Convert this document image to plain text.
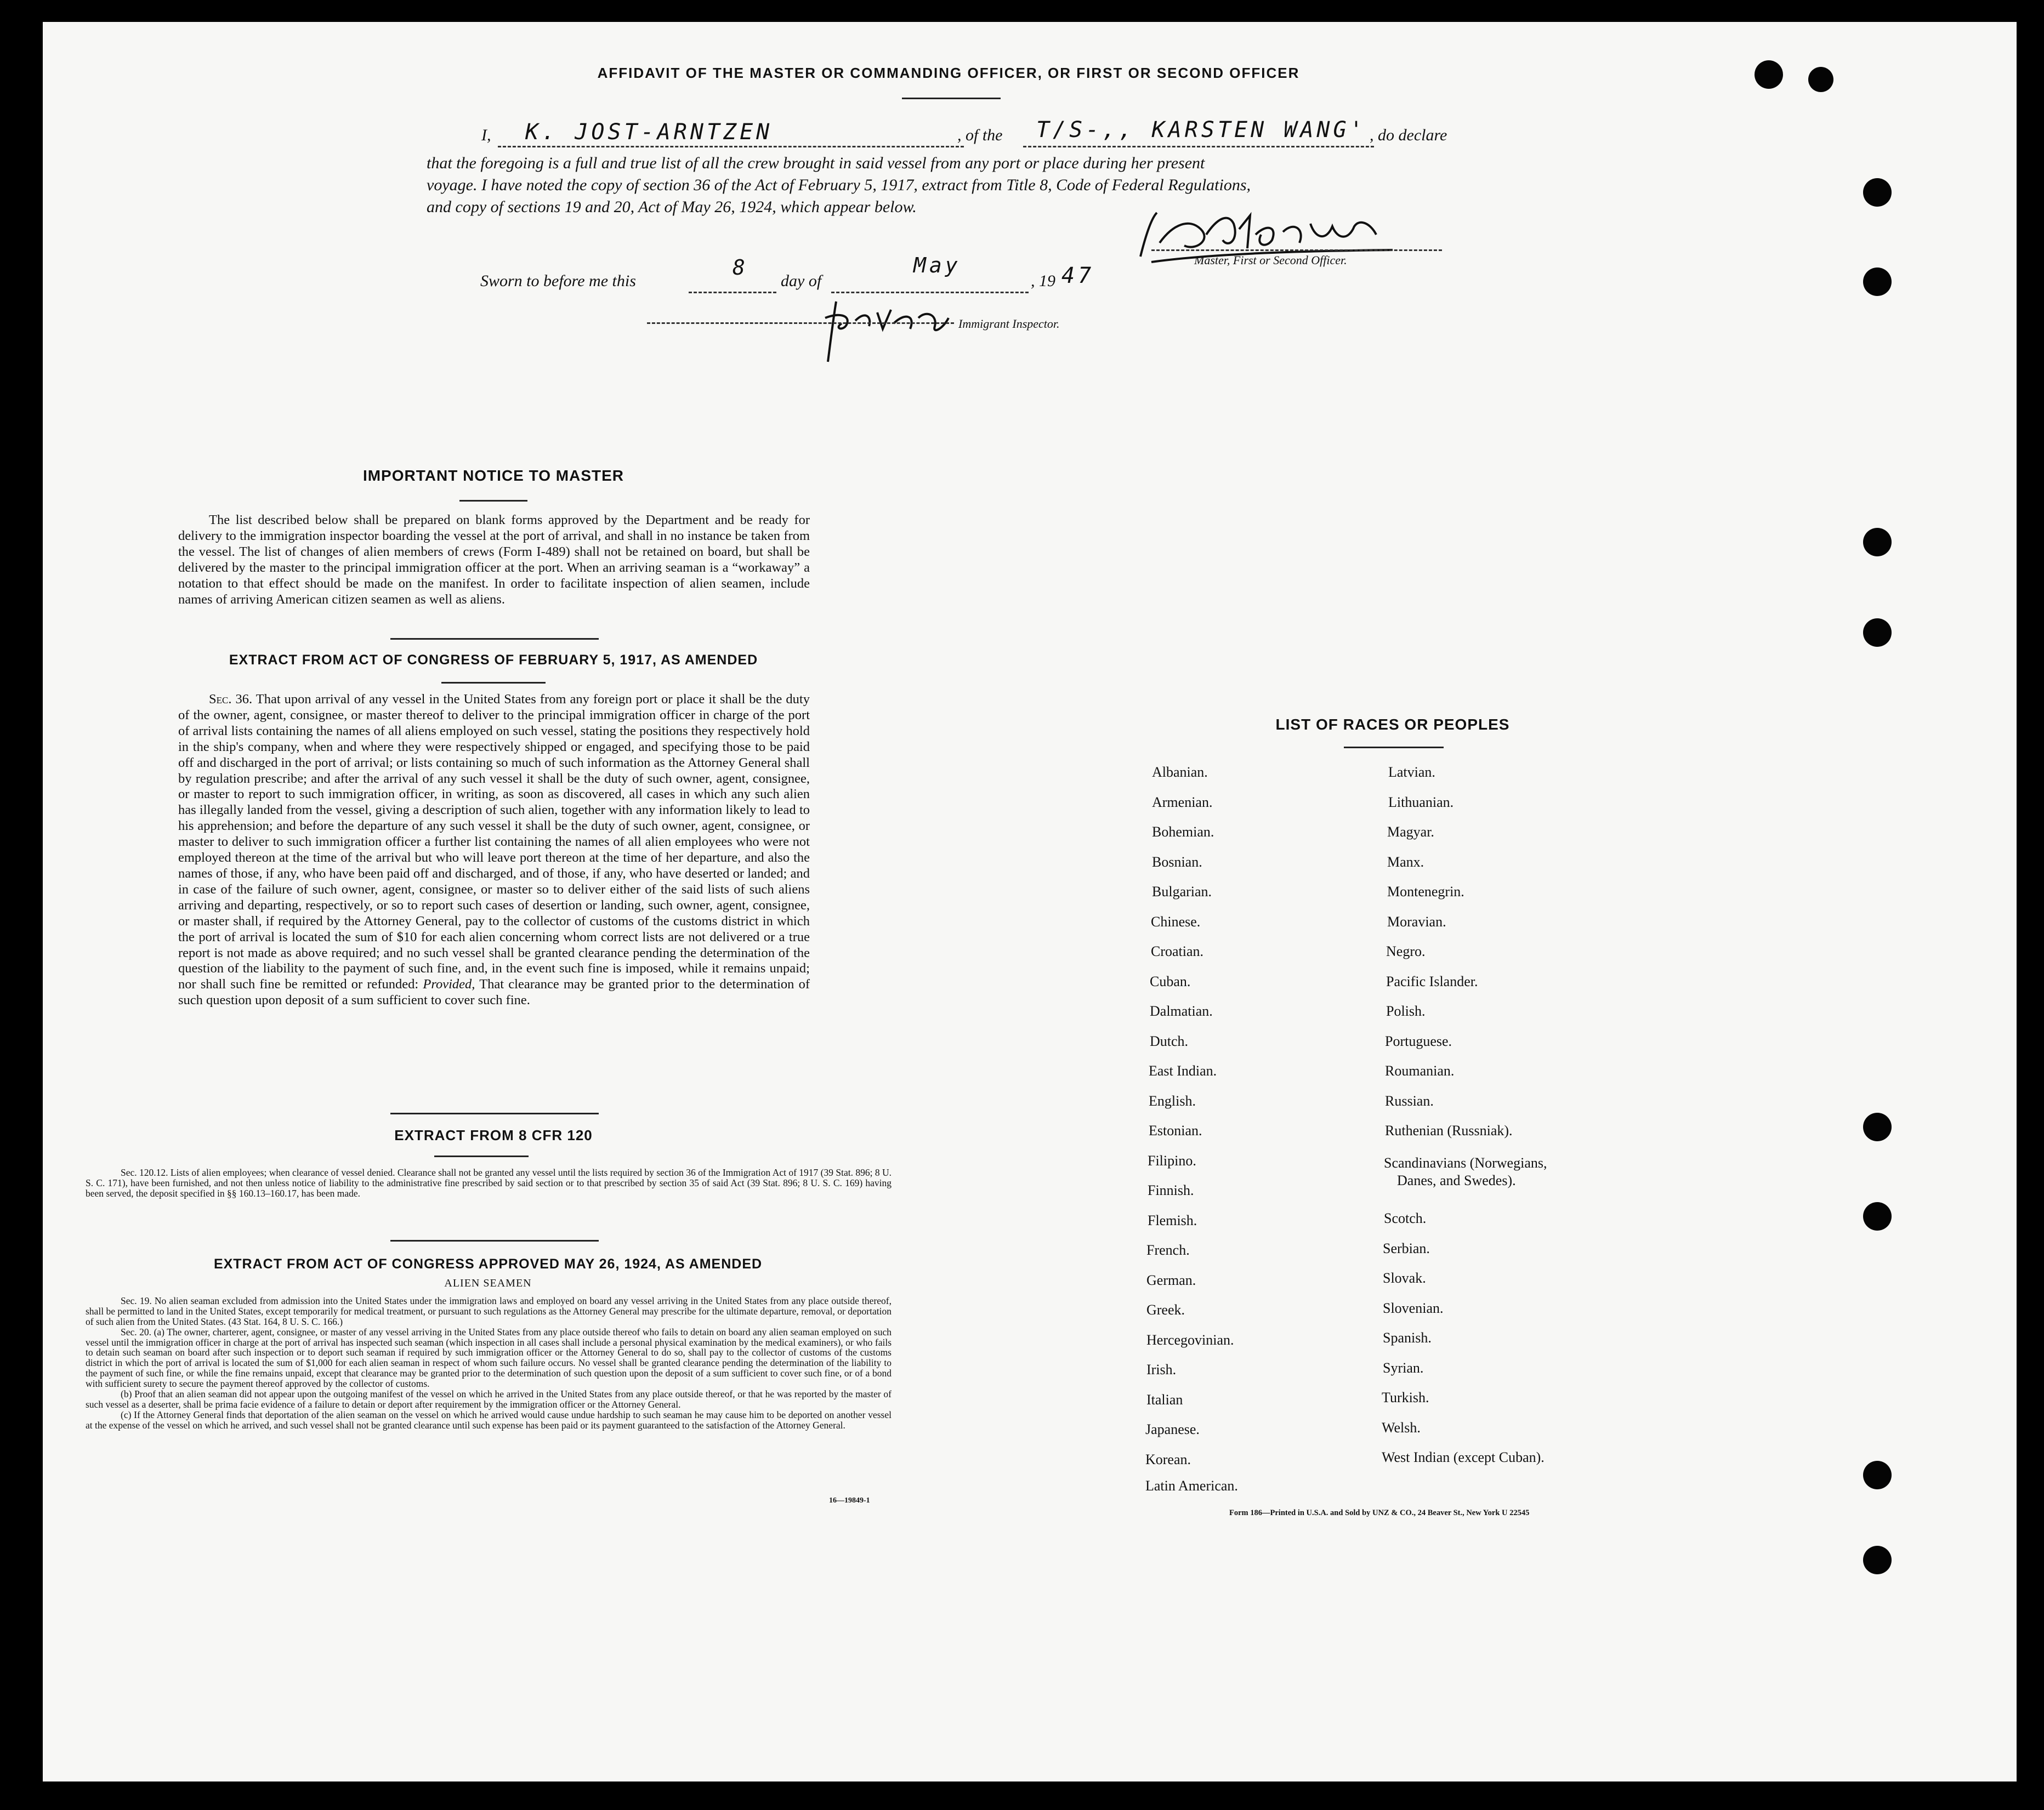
AFFIDAVIT OF THE MASTER OR COMMANDING OFFICER, OR FIRST OR SECOND OFFICER
I, K. JOST-ARNTZEN	, of the T/S-,, KARSTEN WANG' , do declare
that the foregoing is a full and true list of all the crew brought in said vessel from any port or place during her present
voyage. I have noted the copy of section 36 of the Act of February 5, 1917, extract from Title 8, Code of Federal Regulations,
and copy of sections 19 and 20, Act of May 26, 1924, which appear below.
Master, First or Second Officer.
Sworn to before me this
8
day of
May
, 19 47
Immigrant Inspector.
IMPORTANT NOTICE TO MASTER
The list described below shall be prepared on blank forms approved by the Department and be ready for delivery to the immigration inspector boarding the vessel at the port of arrival, and shall in no instance be taken from the vessel. The list of changes of alien members of crews (Form I-489) shall not be retained on board, but shall be delivered by the master to the principal immigration officer at the port. When an arriving seaman is a “workaway” a notation to that effect should be made on the manifest. In order to facilitate inspection of alien seamen, include names of arriving American citizen seamen as well as aliens.
EXTRACT FROM ACT OF CONGRESS OF FEBRUARY 5, 1917, AS AMENDED
Sec. 36. That upon arrival of any vessel in the United States from any foreign port or place it shall be the duty of the owner, agent, consignee, or master thereof to deliver to the principal immigration officer in charge of the port of arrival lists containing the names of all aliens employed on such vessel, stating the positions they respectively hold in the ship's company, when and where they were respectively shipped or engaged, and specifying those to be paid off and discharged in the port of arrival; or lists containing so much of such information as the Attorney General shall by regulation prescribe; and after the arrival of any such vessel it shall be the duty of such owner, agent, consignee, or master to report to such immigration officer, in writing, as soon as discovered, all cases in which any such alien has illegally landed from the vessel, giving a description of such alien, together with any information likely to lead to his apprehension; and before the departure of any such vessel it shall be the duty of such owner, agent, consignee, or master to deliver to such immigration officer a further list containing the names of all alien employees who were not employed thereon at the time of the arrival but who will leave port thereon at the time of her departure, and also the names of those, if any, who have been paid off and discharged, and of those, if any, who have deserted or landed; and in case of the failure of such owner, agent, consignee, or master so to deliver either of the said lists of such aliens arriving and departing, respectively, or so to report such cases of desertion or landing, such owner, agent, consignee, or master shall, if required by the Attorney General, pay to the collector of customs of the customs district in which the port of arrival is located the sum of $10 for each alien concerning whom correct lists are not delivered or a true report is not made as above required; and no such vessel shall be granted clearance pending the determination of the question of the liability to the payment of such fine, and, in the event such fine is imposed, while it remains unpaid; nor shall such fine be remitted or refunded: Provided, That clearance may be granted prior to the determination of such question upon deposit of a sum sufficient to cover such fine.
EXTRACT FROM 8 CFR 120
Sec. 120.12. Lists of alien employees; when clearance of vessel denied. Clearance shall not be granted any vessel until the lists required by section 36 of the Immigration Act of 1917 (39 Stat. 896; 8 U. S. C. 171), have been furnished, and not then unless notice of liability to the administrative fine prescribed by said section or to that prescribed by section 35 of said Act (39 Stat. 896; 8 U. S. C. 169) having been served, the deposit specified in §§ 160.13–160.17, has been made.
EXTRACT FROM ACT OF CONGRESS APPROVED MAY 26, 1924, AS AMENDED
ALIEN SEAMEN
Sec. 19. No alien seaman excluded from admission into the United States under the immigration laws and employed on board any vessel arriving in the United States from any place outside thereof, shall be permitted to land in the United States, except temporarily for medical treatment, or pursuant to such regulations as the Attorney General may prescribe for the ultimate departure, removal, or deportation of such alien from the United States. (43 Stat. 164, 8 U. S. C. 166.)
Sec. 20. (a) The owner, charterer, agent, consignee, or master of any vessel arriving in the United States from any place outside thereof who fails to detain on board any alien seaman employed on such vessel until the immigration officer in charge at the port of arrival has inspected such seaman (which inspection in all cases shall include a personal physical examination by the medical examiners), or who fails to detain such seaman on board after such inspection or to deport such seaman if required by such immigration officer or the Attorney General to do so, shall pay to the collector of customs of the customs district in which the port of arrival is located the sum of $1,000 for each alien seaman in respect of whom such failure occurs. No vessel shall be granted clearance pending the determination of the liability to the payment of such fine, or while the fine remains unpaid, except that clearance may be granted prior to the determination of such question upon the deposit of a sum sufficient to cover such fine, or of a bond with sufficient surety to secure the payment thereof approved by the collector of customs.
(b) Proof that an alien seaman did not appear upon the outgoing manifest of the vessel on which he arrived in the United States from any place outside thereof, or that he was reported by the master of such vessel as a deserter, shall be prima facie evidence of a failure to detain or deport after requirement by the immigration officer or the Attorney General.
(c) If the Attorney General finds that deportation of the alien seaman on the vessel on which he arrived would cause undue hardship to such seaman he may cause him to be deported on another vessel at the expense of the vessel on which he arrived, and such vessel shall not be granted clearance until such expense has been paid or its payment guaranteed to the satisfaction of the Attorney General.
16—19849-1
LIST OF RACES OR PEOPLES
Albanian.
Armenian.
Bohemian.
Bosnian.
Bulgarian.
Chinese.
Croatian.
Cuban.
Dalmatian.
Dutch.
East Indian.
English.
Estonian.
Filipino.
Finnish.
Flemish.
French.
German.
Greek.
Hercegovinian.
Irish.
Italian
Japanese.
Korean.
Latin American.
Latvian.
Lithuanian.
Magyar.
Manx.
Montenegrin.
Moravian.
Negro.
Pacific Islander.
Polish.
Portuguese.
Roumanian.
Russian.
Ruthenian (Russniak).
Scandinavians (Norwegians,
Danes, and Swedes).
Scotch.
Serbian.
Slovak.
Slovenian.
Spanish.
Syrian.
Turkish.
Welsh.
West Indian (except Cuban).
Form 186—Printed in U.S.A. and Sold by UNZ & CO., 24 Beaver St., New York U 22545
